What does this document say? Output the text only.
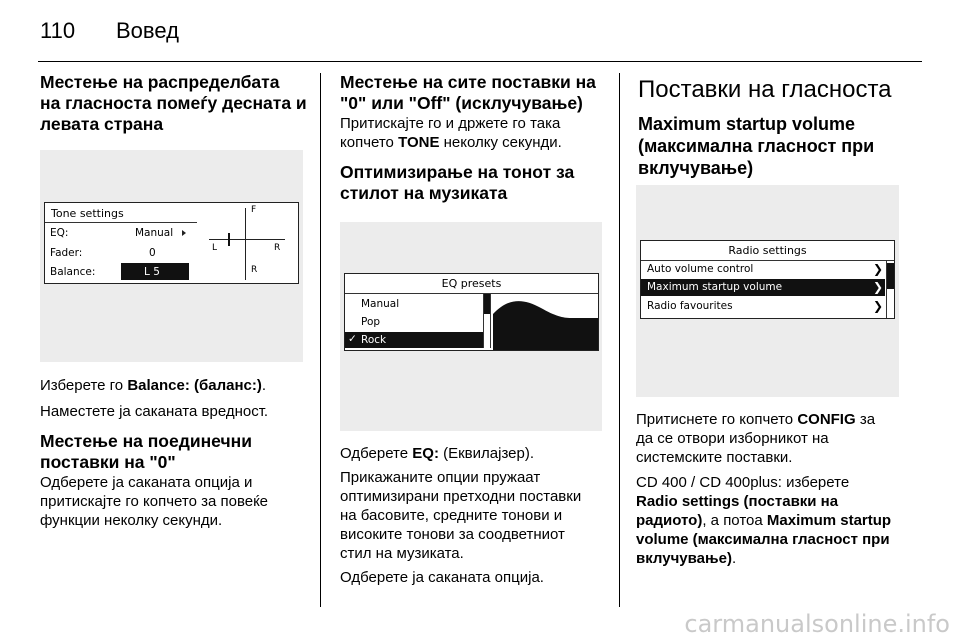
110 Вовед
Местење на распределбата
на гласноста помеѓу десната и
левата страна
Tone settings
EQ:	Manual
Fader:	0
Balance:	L 5
F
R
L	R

Изберете го Balance: (баланс:).

Наместете ја саканата вредност.

Местење на поединечни
поставки на "0"

Одберете ја саканата опција и
притискајте го копчето за повеќе
функции неколку секунди.

Местење на сите поставки на
"0" или "Off" (исклучување)

Притискајте го и држете го така
копчето TONE неколку секунди.

Оптимизирање на тонот за
стилот на музиката
EQ presets
Manual
Pop
✓ Rock

Одберете EQ: (Еквилајзер).

Прикажаните опции пружаат
оптимизирани претходни поставки
на басовите, средните тонови и
високите тонови за соодветниот
стил на музиката.

Одберете ја саканата опција.

Поставки на гласноста
Maximum startup volume
(максимална гласност при
вклучување)
Radio settings
Auto volume control	❯
Maximum startup volume	❯
Radio favourites	❯

Притиснете го копчето CONFIG за
да се отвори изборникот на
системските поставки.

CD 400 / CD 400plus: изберете
Radio settings (поставки на
радиото), а потоа Maximum startup
volume (максимална гласност при
вклучување).

carmanualsonline.info
